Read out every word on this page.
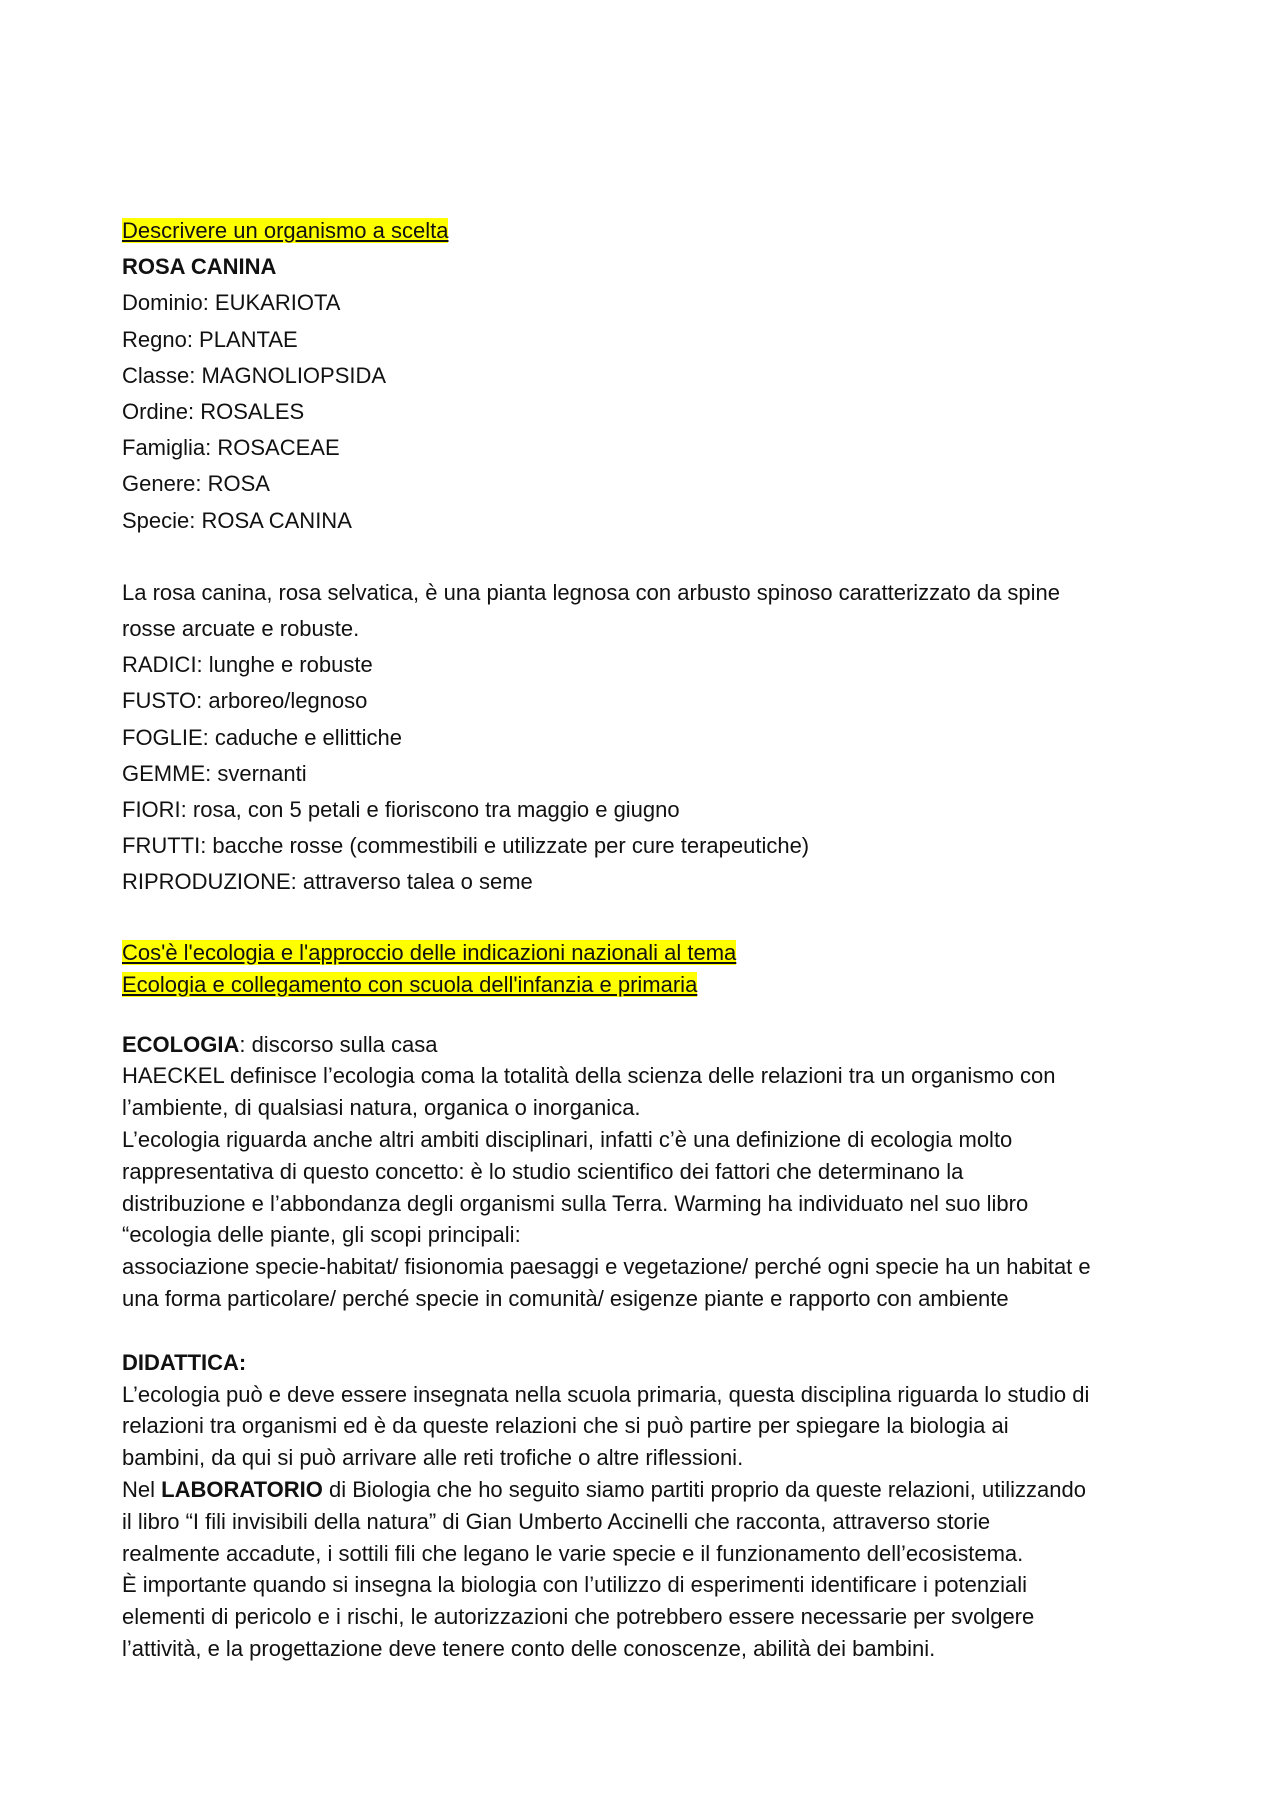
Descrivere un organismo a scelta
ROSA CANINA
Dominio: EUKARIOTA
Regno: PLANTAE
Classe: MAGNOLIOPSIDA
Ordine: ROSALES
Famiglia: ROSACEAE
Genere: ROSA
Specie: ROSA CANINA
La rosa canina, rosa selvatica, è una pianta legnosa con arbusto spinoso caratterizzato da spine
rosse arcuate e robuste.
RADICI: lunghe e robuste
FUSTO: arboreo/legnoso
FOGLIE: caduche e ellittiche
GEMME: svernanti
FIORI: rosa, con 5 petali e fioriscono tra maggio e giugno
FRUTTI: bacche rosse (commestibili e utilizzate per cure terapeutiche)
RIPRODUZIONE: attraverso talea o seme
Cos'è l'ecologia e l'approccio delle indicazioni nazionali al tema
Ecologia e collegamento con scuola dell'infanzia e primaria
ECOLOGIA: discorso sulla casa
HAECKEL definisce l’ecologia coma la totalità della scienza delle relazioni tra un organismo con
l’ambiente, di qualsiasi natura, organica o inorganica.
L’ecologia riguarda anche altri ambiti disciplinari, infatti c’è una definizione di ecologia molto
rappresentativa di questo concetto: è lo studio scientifico dei fattori che determinano la
distribuzione e l’abbondanza degli organismi sulla Terra. Warming ha individuato nel suo libro
“ecologia delle piante, gli scopi principali:
associazione specie-habitat/ fisionomia paesaggi e vegetazione/ perché ogni specie ha un habitat e
una forma particolare/ perché specie in comunità/ esigenze piante e rapporto con ambiente
DIDATTICA:
L’ecologia può e deve essere insegnata nella scuola primaria, questa disciplina riguarda lo studio di
relazioni tra organismi ed è da queste relazioni che si può partire per spiegare la biologia ai
bambini, da qui si può arrivare alle reti trofiche o altre riflessioni.
Nel LABORATORIO di Biologia che ho seguito siamo partiti proprio da queste relazioni, utilizzando
il libro “I fili invisibili della natura” di Gian Umberto Accinelli che racconta, attraverso storie
realmente accadute, i sottili fili che legano le varie specie e il funzionamento dell’ecosistema.
È importante quando si insegna la biologia con l’utilizzo di esperimenti identificare i potenziali
elementi di pericolo e i rischi, le autorizzazioni che potrebbero essere necessarie per svolgere
l’attività, e la progettazione deve tenere conto delle conoscenze, abilità dei bambini.
